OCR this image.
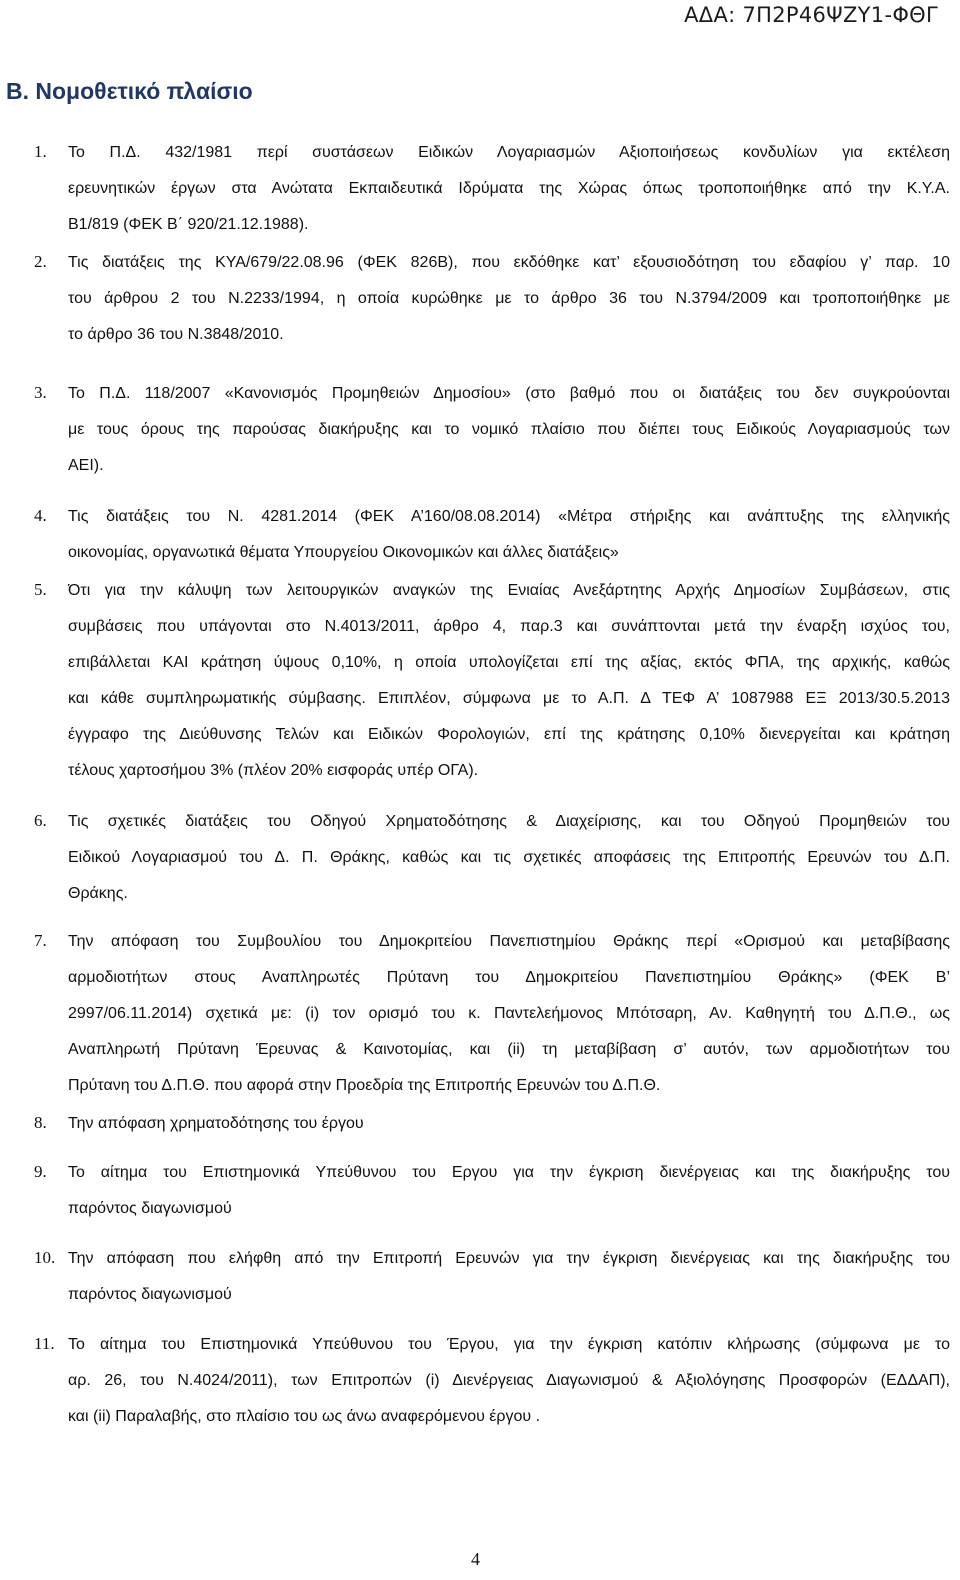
ΑΔΑ: 7Π2Ρ46ΨΖΥ1-ΦΘΓ
Β. Νομοθετικό πλαίσιο
1. Το Π.Δ. 432/1981 περί συστάσεων Ειδικών Λογαριασμών Αξιοποιήσεως κονδυλίων για εκτέλεση
ερευνητικών έργων στα Ανώτατα Εκπαιδευτικά Ιδρύματα της Χώρας όπως τροποποιήθηκε από την Κ.Υ.Α.
Β1/819 (ΦΕΚ Β΄ 920/21.12.1988).
2. Τις διατάξεις της ΚΥΑ/679/22.08.96 (ΦΕΚ 826Β), που εκδόθηκε κατ’ εξουσιοδότηση του εδαφίου γ’ παρ. 10
του άρθρου 2 του Ν.2233/1994, η οποία κυρώθηκε με το άρθρο 36 του Ν.3794/2009 και τροποποιήθηκε με
το άρθρο 36 του Ν.3848/2010.
3. Το Π.Δ. 118/2007 «Κανονισμός Προμηθειών Δημοσίου» (στο βαθμό που οι διατάξεις του δεν συγκρούονται
με τους όρους της παρούσας διακήρυξης και το νομικό πλαίσιο που διέπει τους Ειδικούς Λογαριασμούς των
ΑΕΙ).
4. Τις διατάξεις του Ν. 4281.2014 (ΦΕΚ Α’160/08.08.2014) «Μέτρα στήριξης και ανάπτυξης της ελληνικής
οικονομίας, οργανωτικά θέματα Υπουργείου Οικονομικών και άλλες διατάξεις»
5. Ότι για την κάλυψη των λειτουργικών αναγκών της Ενιαίας Ανεξάρτητης Αρχής Δημοσίων Συμβάσεων, στις
συμβάσεις που υπάγονται στο Ν.4013/2011, άρθρο 4, παρ.3 και συνάπτονται μετά την έναρξη ισχύος του,
επιβάλλεται ΚΑΙ κράτηση ύψους 0,10%, η οποία υπολογίζεται επί της αξίας, εκτός ΦΠΑ, της αρχικής, καθώς
και κάθε συμπληρωματικής σύμβασης. Επιπλέον, σύμφωνα με το Α.Π. Δ ΤΕΦ Α’ 1087988 ΕΞ 2013/30.5.2013
έγγραφο της Διεύθυνσης Τελών και Ειδικών Φορολογιών, επί της κράτησης 0,10% διενεργείται και κράτηση
τέλους χαρτοσήμου 3% (πλέον 20% εισφοράς υπέρ ΟΓΑ).
6. Τις σχετικές διατάξεις του Οδηγού Χρηματοδότησης & Διαχείρισης, και του Οδηγού Προμηθειών του
Ειδικού Λογαριασμού του Δ. Π. Θράκης, καθώς και τις σχετικές αποφάσεις της Επιτροπής Ερευνών του Δ.Π.
Θράκης.
7. Την απόφαση του Συμβουλίου του Δημοκριτείου Πανεπιστημίου Θράκης περί «Ορισμού και μεταβίβασης
αρμοδιοτήτων στους Αναπληρωτές Πρύτανη του Δημοκριτείου Πανεπιστημίου Θράκης» (ΦΕΚ Β’
2997/06.11.2014) σχετικά με: (i) τον ορισμό του κ. Παντελεήμονος Μπότσαρη, Αν. Καθηγητή του Δ.Π.Θ., ως
Αναπληρωτή Πρύτανη Έρευνας & Καινοτομίας, και (ii) τη μεταβίβαση σ’ αυτόν, των αρμοδιοτήτων του
Πρύτανη του Δ.Π.Θ. που αφορά στην Προεδρία της Επιτροπής Ερευνών του Δ.Π.Θ.
8. Την απόφαση χρηματοδότησης του έργου
9. Το αίτημα του Επιστημονικά Υπεύθυνου του Εργου για την έγκριση διενέργειας και της διακήρυξης του
παρόντος διαγωνισμού
10. Την απόφαση που ελήφθη από την Επιτροπή Ερευνών για την έγκριση διενέργειας και της διακήρυξης του
παρόντος διαγωνισμού
11. Το αίτημα του Επιστημονικά Υπεύθυνου του Έργου, για την έγκριση κατόπιν κλήρωσης (σύμφωνα με το
αρ. 26, του Ν.4024/2011), των Επιτροπών (i) Διενέργειας Διαγωνισμού & Αξιολόγησης Προσφορών (ΕΔΔΑΠ),
και (ii) Παραλαβής, στο πλαίσιο του ως άνω αναφερόμενου έργου .
4
